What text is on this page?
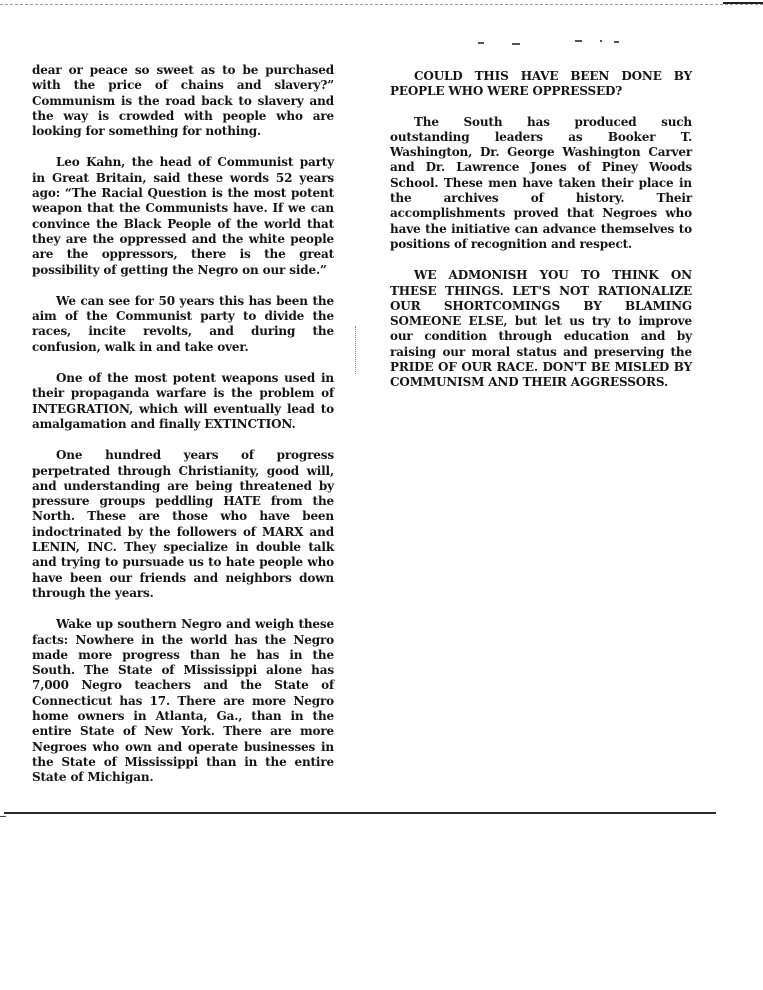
dear or peace so sweet as to be purchased with the price of chains and slavery?” Communism is the road back to slavery and the way is crowded with people who are looking for something for nothing.

Leo Kahn, the head of Communist party in Great Britain, said these words 52 years ago: “The Racial Question is the most potent weapon that the Communists have. If we can convince the Black People of the world that they are the oppressed and the white people are the oppressors, there is the great possibility of getting the Negro on our side.”

We can see for 50 years this has been the aim of the Communist party to divide the races, incite revolts, and during the confusion, walk in and take over.

One of the most potent weapons used in their propaganda warfare is the problem of INTEGRATION, which will eventually lead to amalgamation and finally EXTINCTION.

One hundred years of progress perpetrated through Christianity, good will, and understanding are being threatened by pressure groups peddling HATE from the North. These are those who have been indoctrinated by the followers of MARX and LENIN, INC. They specialize in double talk and trying to pursuade us to hate people who have been our friends and neighbors down through the years.

Wake up southern Negro and weigh these facts: Nowhere in the world has the Negro made more progress than he has in the South. The State of Mississippi alone has 7,000 Negro teachers and the State of Connecticut has 17. There are more Negro home owners in Atlanta, Ga., than in the entire State of New York. There are more Negroes who own and operate businesses in the State of Mississippi than in the entire State of Michigan.

COULD THIS HAVE BEEN DONE BY PEOPLE WHO WERE OPPRESSED?

The South has produced such outstanding leaders as Booker T. Washington, Dr. George Washington Carver and Dr. Lawrence Jones of Piney Woods School. These men have taken their place in the archives of history. Their accomplishments proved that Negroes who have the initiative can advance themselves to positions of recognition and respect.

WE ADMONISH YOU TO THINK ON THESE THINGS. LET'S NOT RATIONALIZE OUR SHORTCOMINGS BY BLAMING SOMEONE ELSE, but let us try to improve our condition through education and by raising our moral status and preserving the PRIDE OF OUR RACE. DON'T BE MISLED BY COMMUNISM AND THEIR AGGRESSORS.
